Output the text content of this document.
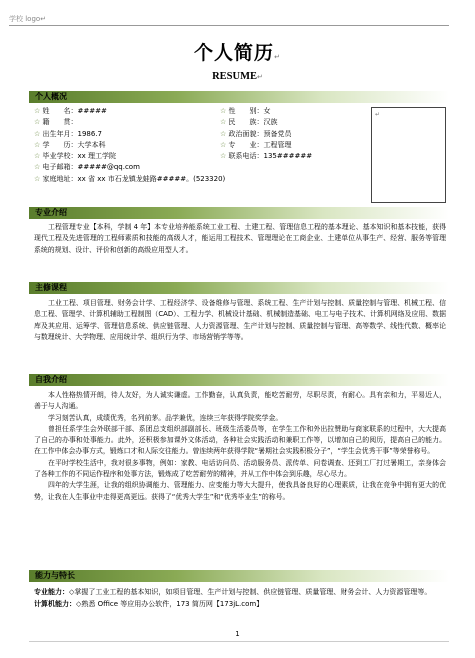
学校 logo↵
个人简历↵
RESUME↵
个人概况
☆ 姓　　名：#####	☆ 性　　别：女
☆ 籍　　贯：	☆ 民　　族：汉族
☆ 出生年月：1986.7	☆ 政治面貌：预备党员
☆ 学　　历：大学本科	☆ 专　　业：工程管理
☆ 毕业学校：xx 理工学院	☆ 联系电话：135######
☆ 电子邮箱：#####@qq.com
☆ 家庭地址：xx 省 xx 市石龙镇龙蛙路#####。(523320)
↵
专业介绍

工程管理专业【本科，学制 4 年】本专业培养能系统工业工程、土建工程、管理信息工程的基本理论、基本知识和基本技能，获得现代工程及先进管理的工程师素质和技能的高级人才，能运用工程技术、管理理论在工商企业、土建单位从事生产、经营、服务等管理系统的规划、设计、评价和创新的高级应用型人才。

主修课程

工业工程、项目管理、财务会计学、工程经济学、设备维修与管理、系统工程、生产计划与控制、质量控制与管理、机械工程、信息工程、管理学、计算机辅助工程制图（CAD）、工程力学、机械设计基础、机械制造基础、电工与电子技术、计算机网络及应用、数据库及其应用、运筹学、管理信息系统、供应链管理、人力资源管理、生产计划与控制、质量控制与管理、高等数学、线性代数、概率论与数理统计、大学物理、应用统计学、组织行为学、市场营销学等等。

自我介绍

本人性格热情开朗，待人友好，为人诚实谦虚。工作勤奋，认真负责，能吃苦耐劳，尽职尽责，有耐心。具有亲和力，平易近人，善于与人沟通。

学习刻苦认真，成绩优秀，名列前茅。品学兼优，连续三年获得学院奖学金。

曾担任系学生会外联部干部、系团总支组织部副部长、班级生活委员等，在学生工作和外出拉赞助与商家联系的过程中，大大提高了自己的办事和处事能力。此外，还积极参加课外文体活动，各种社会实践活动和兼职工作等，以增加自己的阅历，提高自己的能力。在工作中体会办事方式，锻炼口才和人际交往能力。曾连续两年获得学院“暑期社会实践积极分子”，“学生会优秀干事”等荣誉称号。

在平时学校生活中，我对很多事物，例如：家教、电话访问员、活动服务员、派传单、问卷调查、还到工厂打过暑期工，亲身体会了各种工作的不同运作程序和处事方法，锻炼成了吃苦耐劳的精神，并从工作中体会到乐趣，尽心尽力。

四年的大学生涯，让我的组织协调能力、管理能力、应变能力等大大提升，使我具备良好的心理素质，让我在竞争中拥有更大的优势，让我在人生事业中走得更高更远。获得了“优秀大学生”和“优秀毕业生”的称号。

能力与特长
专业能力：◇掌握了工业工程的基本知识，如项目管理、生产计划与控制、供应链管理、质量管理、财务会计、人力资源管理等。
计算机能力：◇熟悉 Office 等应用办公软件，173 简历网【173jL.com】
1
